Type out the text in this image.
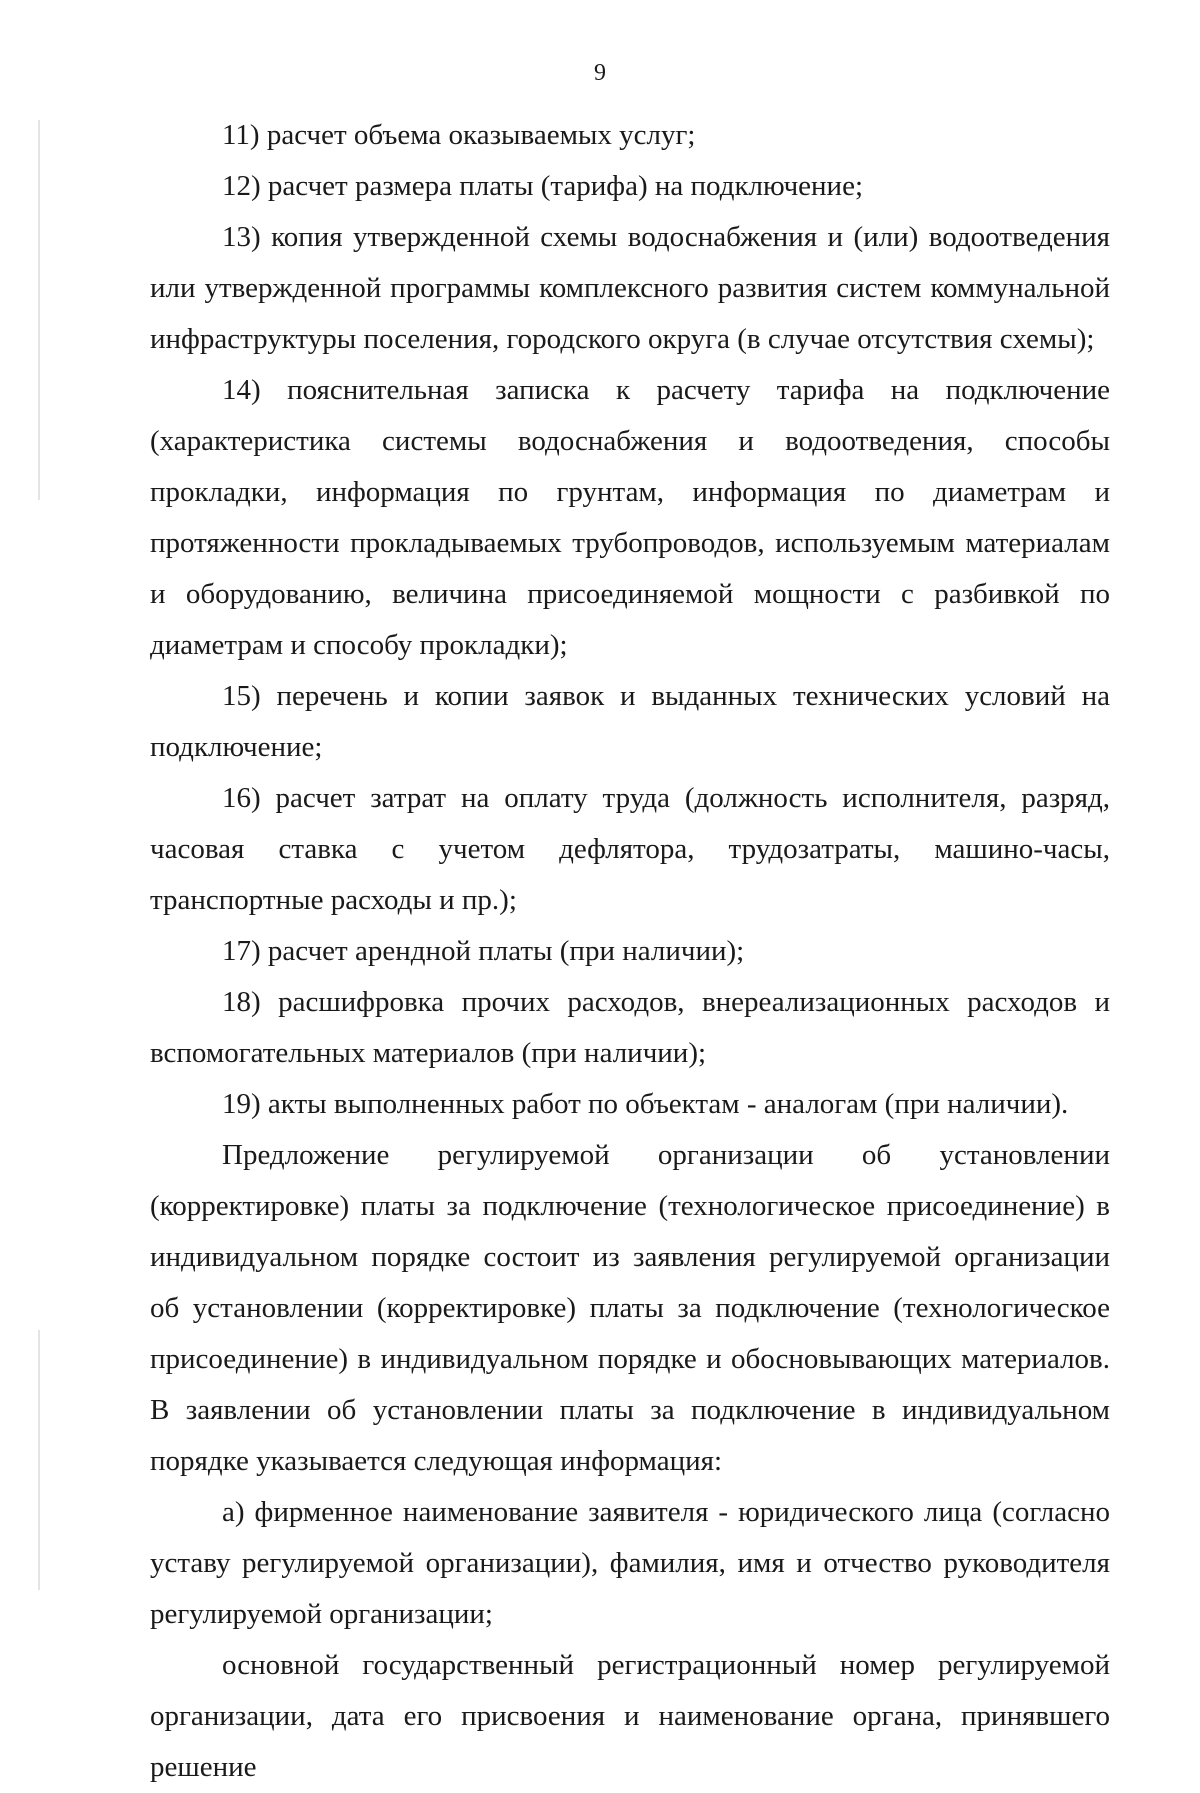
9

11) расчет объема оказываемых услуг;

12) расчет размера платы (тарифа) на подключение;

13) копия утвержденной схемы водоснабжения и (или) водоотведения или утвержденной программы комплексного развития систем коммунальной инфраструктуры поселения, городского округа (в случае отсутствия схемы);

14) пояснительная записка к расчету тарифа на подключение (характеристика системы водоснабжения и водоотведения, способы прокладки, информация по грунтам, информация по диаметрам и протяженности прокладываемых трубопроводов, используемым материалам и оборудованию, величина присоединяемой мощности с разбивкой по диаметрам и способу прокладки);

15) перечень и копии заявок и выданных технических условий на подключение;

16) расчет затрат на оплату труда (должность исполнителя, разряд, часовая ставка с учетом дефлятора, трудозатраты, машино-часы, транспортные расходы и пр.);

17) расчет арендной платы (при наличии);

18) расшифровка прочих расходов, внереализационных расходов и вспомогательных материалов (при наличии);

19) акты выполненных работ по объектам - аналогам (при наличии).

Предложение регулируемой организации об установлении (корректировке) платы за подключение (технологическое присоединение) в индивидуальном порядке состоит из заявления регулируемой организации об установлении (корректировке) платы за подключение (технологическое присоединение) в индивидуальном порядке и обосновывающих материалов. В заявлении об установлении платы за подключение в индивидуальном порядке указывается следующая информация:

а) фирменное наименование заявителя - юридического лица (согласно уставу регулируемой организации), фамилия, имя и отчество руководителя регулируемой организации;

основной государственный регистрационный номер регулируемой организации, дата его присвоения и наименование органа, принявшего решение
